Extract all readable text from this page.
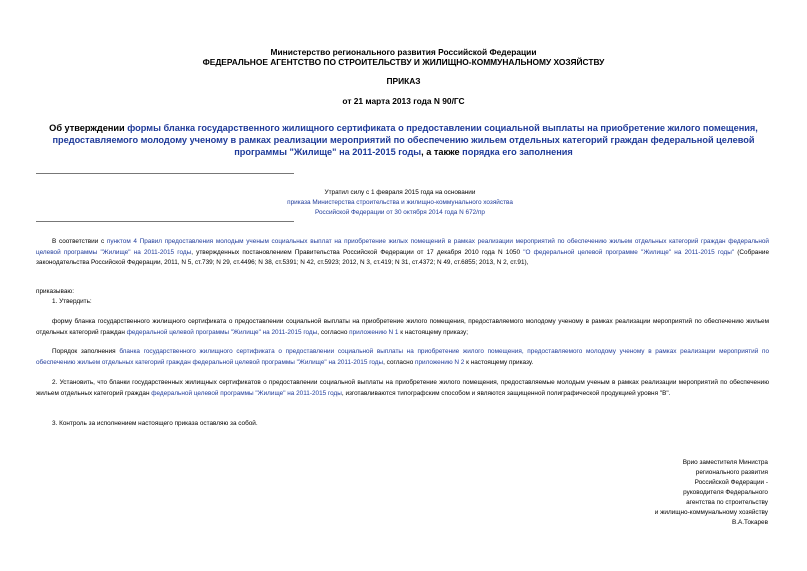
Министерство регионального развития Российской Федерации
ФЕДЕРАЛЬНОЕ АГЕНТСТВО ПО СТРОИТЕЛЬСТВУ И ЖИЛИЩНО-КОММУНАЛЬНОМУ ХОЗЯЙСТВУ
ПРИКАЗ
от 21 марта 2013 года N 90/ГС
Об утверждении формы бланка государственного жилищного сертификата о предоставлении социальной выплаты на приобретение жилого помещения, предоставляемого молодому ученому в рамках реализации мероприятий по обеспечению жильем отдельных категорий граждан федеральной целевой программы "Жилище" на 2011-2015 годы, а также порядка его заполнения
Утратил силу с 1 февраля 2015 года на основании
приказа Министерства строительства и жилищно-коммунального хозяйства
Российской Федерации от 30 октября 2014 года N 672/пр
В соответствии с пунктом 4 Правил предоставления молодым ученым социальных выплат на приобретение жилых помещений в рамках реализации мероприятий по обеспечению жильем отдельных категорий граждан федеральной целевой программы "Жилище" на 2011-2015 годы, утвержденных постановлением Правительства Российской Федерации от 17 декабря 2010 года N 1050 "О федеральной целевой программе "Жилище" на 2011-2015 годы" (Собрание законодательства Российской Федерации, 2011, N 5, ст.739; N 29, ст.4496; N 38, ст.5391; N 42, ст.5923; 2012, N 3, ст.419; N 31, ст.4372; N 49, ст.6855; 2013, N 2, ст.91),
приказываю:
1. Утвердить:
форму бланка государственного жилищного сертификата о предоставлении социальной выплаты на приобретение жилого помещения, предоставляемого молодому ученому в рамках реализации мероприятий по обеспечению жильем отдельных категорий граждан федеральной целевой программы "Жилище" на 2011-2015 годы, согласно приложению N 1 к настоящему приказу;
Порядок заполнения бланка государственного жилищного сертификата о предоставлении социальной выплаты на приобретение жилого помещения, предоставляемого молодому ученому в рамках реализации мероприятий по обеспечению жильем отдельных категорий граждан федеральной целевой программы "Жилище" на 2011-2015 годы, согласно приложению N 2 к настоящему приказу.
2. Установить, что бланки государственных жилищных сертификатов о предоставлении социальной выплаты на приобретение жилого помещения, предоставляемые молодым ученым в рамках реализации мероприятий по обеспечению жильем отдельных категорий граждан федеральной целевой программы "Жилище" на 2011-2015 годы, изготавливаются типографским способом и являются защищенной полиграфической продукцией уровня "В".
3. Контроль за исполнением настоящего приказа оставляю за собой.
Врио заместителя Министра
регионального развития
Российской Федерации -
руководителя Федерального
агентства по строительству
и жилищно-коммунальному хозяйству
В.А.Токарев
